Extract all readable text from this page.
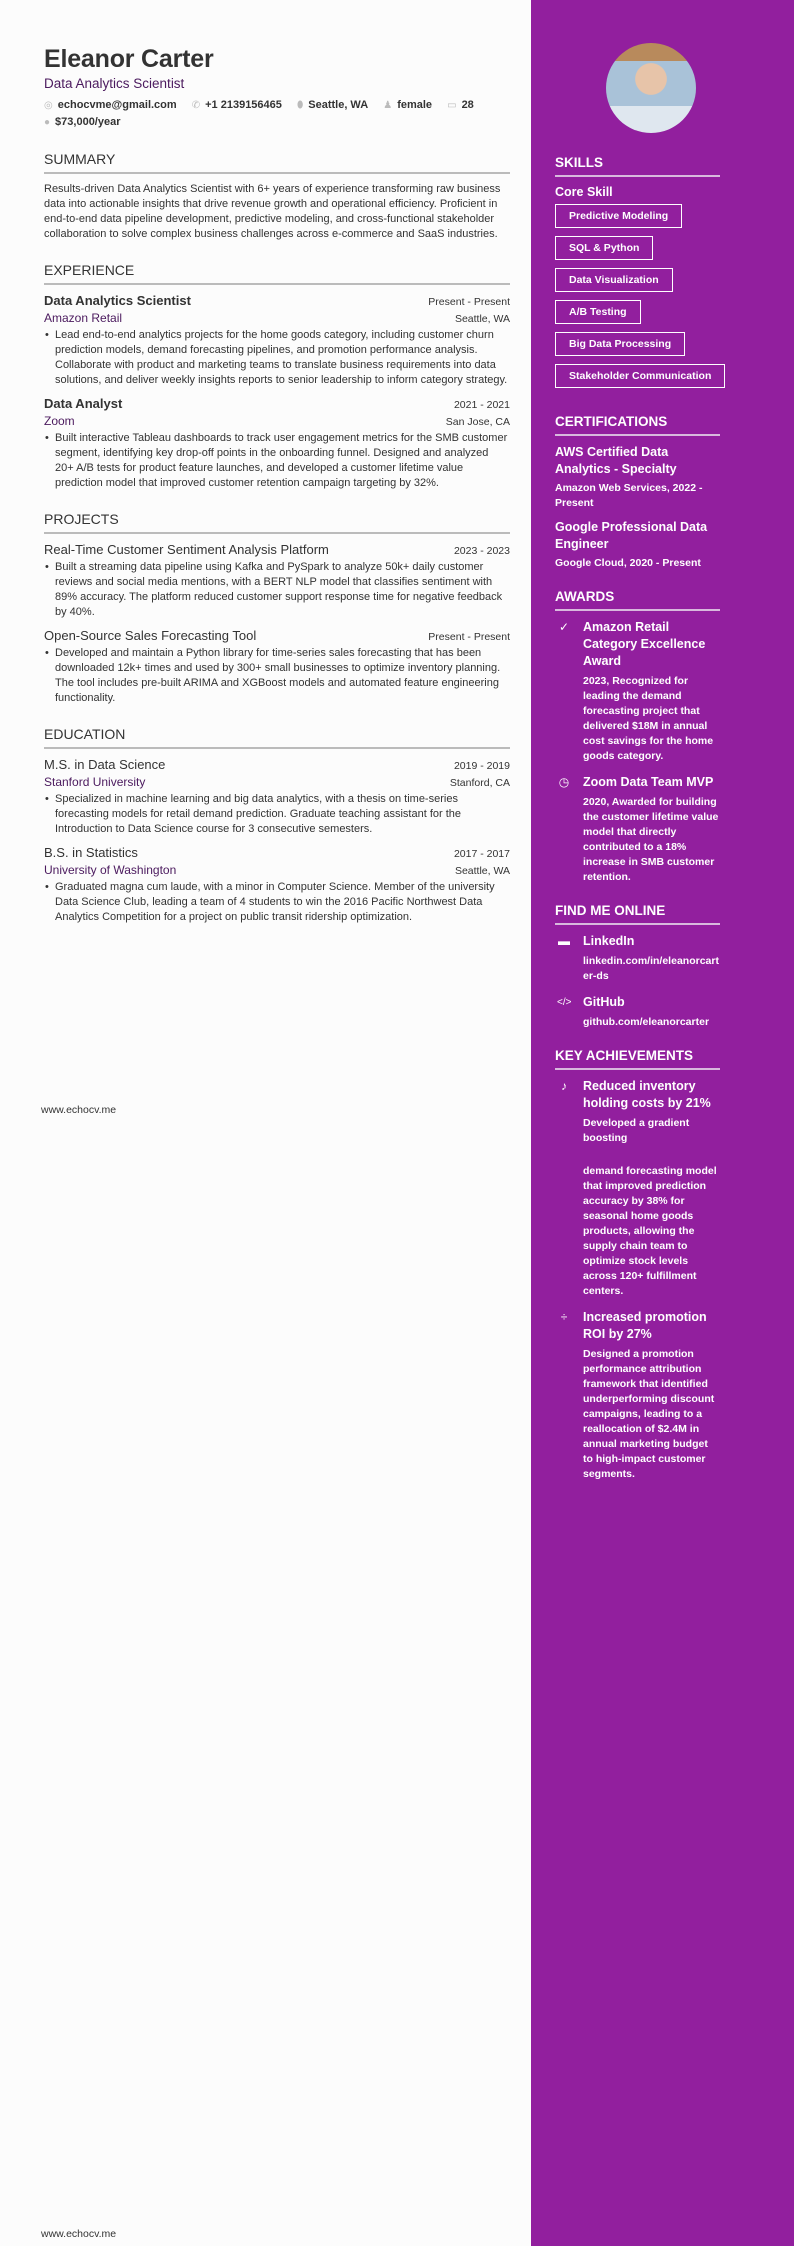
Eleanor Carter
Data Analytics Scientist
◎ echocvme@gmail.com ✆ +1 2139156465 ⬮ Seattle, WA ♟ female ▭ 28
● $73,000/year
SUMMARY
Results-driven Data Analytics Scientist with 6+ years of experience transforming raw business data into actionable insights that drive revenue growth and operational efficiency. Proficient in end-to-end data pipeline development, predictive modeling, and cross-functional stakeholder collaboration to solve complex business challenges across e-commerce and SaaS industries.
EXPERIENCE
Data Analytics Scientist	Present - Present
Amazon Retail	Seattle, WA
• Lead end-to-end analytics projects for the home goods category, including customer churn prediction models, demand forecasting pipelines, and promotion performance analysis. Collaborate with product and marketing teams to translate business requirements into data solutions, and deliver weekly insights reports to senior leadership to inform category strategy.
Data Analyst	2021 - 2021
Zoom	San Jose, CA
• Built interactive Tableau dashboards to track user engagement metrics for the SMB customer segment, identifying key drop-off points in the onboarding funnel. Designed and analyzed 20+ A/B tests for product feature launches, and developed a customer lifetime value prediction model that improved customer retention campaign targeting by 32%.
PROJECTS
Real-Time Customer Sentiment Analysis Platform	2023 - 2023
• Built a streaming data pipeline using Kafka and PySpark to analyze 50k+ daily customer reviews and social media mentions, with a BERT NLP model that classifies sentiment with 89% accuracy. The platform reduced customer support response time for negative feedback by 40%.
Open-Source Sales Forecasting Tool	Present - Present
• Developed and maintain a Python library for time-series sales forecasting that has been downloaded 12k+ times and used by 300+ small businesses to optimize inventory planning. The tool includes pre-built ARIMA and XGBoost models and automated feature engineering functionality.
EDUCATION
M.S. in Data Science	2019 - 2019
Stanford University	Stanford, CA
• Specialized in machine learning and big data analytics, with a thesis on time-series forecasting models for retail demand prediction. Graduate teaching assistant for the Introduction to Data Science course for 3 consecutive semesters.
B.S. in Statistics	2017 - 2017
University of Washington	Seattle, WA
• Graduated magna cum laude, with a minor in Computer Science. Member of the university Data Science Club, leading a team of 4 students to win the 2016 Pacific Northwest Data Analytics Competition for a project on public transit ridership optimization.
www.echocv.me
www.echocv.me
SKILLS
Core Skill
Predictive Modeling
SQL & Python
Data Visualization
A/B Testing
Big Data Processing
Stakeholder Communication
CERTIFICATIONS
AWS Certified Data Analytics - Specialty
Amazon Web Services, 2022 - Present
Google Professional Data Engineer
Google Cloud, 2020 - Present
AWARDS
✓ Amazon Retail Category Excellence Award
2023, Recognized for leading the demand forecasting project that delivered $18M in annual cost savings for the home goods category.
◷ Zoom Data Team MVP
2020, Awarded for building the customer lifetime value model that directly contributed to a 18% increase in SMB customer retention.
FIND ME ONLINE
▬ LinkedIn
linkedin.com/in/eleanorcarter-ds
</> GitHub
github.com/eleanorcarter
KEY ACHIEVEMENTS
♪	Reduced inventory holding costs by 21%
Developed a gradient boosting
demand forecasting model that improved prediction accuracy by 38% for seasonal home goods products, allowing the supply chain team to optimize stock levels across 120+ fulfillment centers.
÷ Increased promotion ROI by 27%
Designed a promotion performance attribution framework that identified underperforming discount campaigns, leading to a reallocation of $2.4M in annual marketing budget to high-impact customer segments.
